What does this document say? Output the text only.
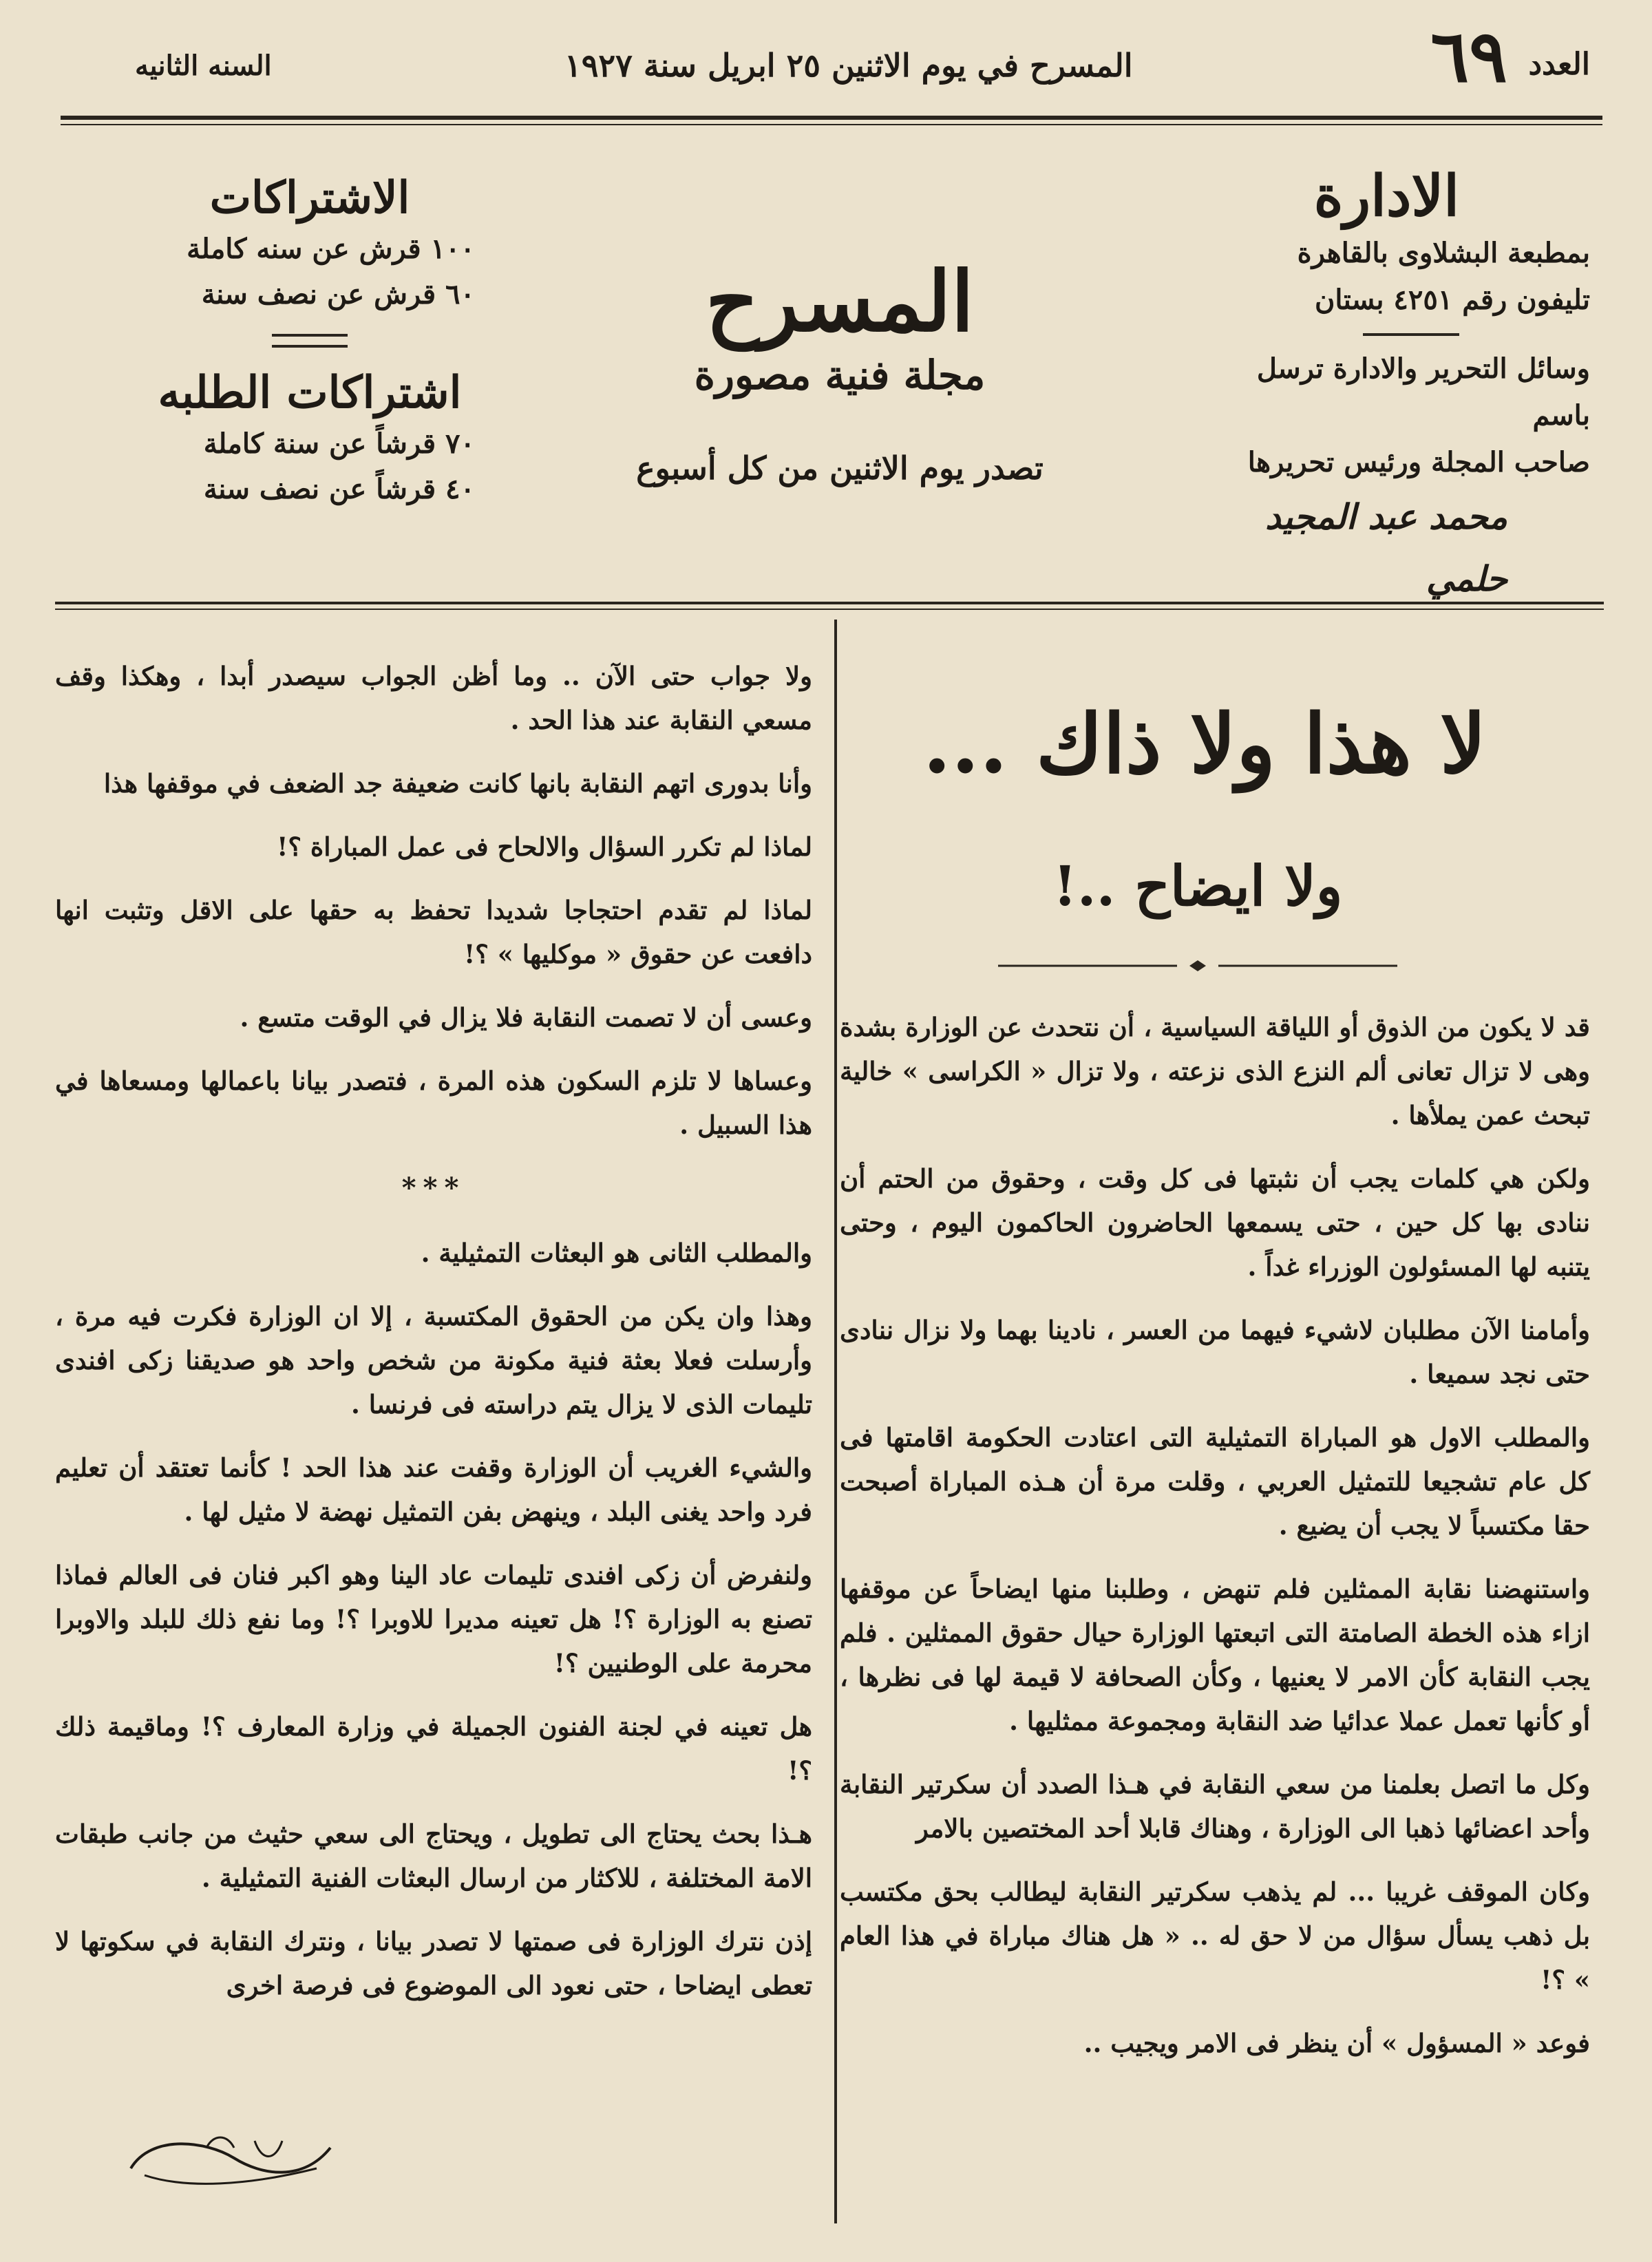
العدد
٦٩
المسرح في يوم الاثنين ٢٥ ابريل سنة ١٩٢٧
السنه الثانيه
الادارة
بمطبعة البشلاوى بالقاهرة
تليفون رقم ٤٢٥١ بستان
وسائل التحرير والادارة ترسل باسم
صاحب المجلة ورئيس تحريرها
محمد عبد المجيد حلمي
المسرح
مجلة فنية مصورة
تصدر يوم الاثنين من كل أسبوع
الاشتراكات
١٠٠ قرش عن سنه كاملة
٦٠ قرش عن نصف سنة
اشتراكات الطلبه
٧٠ قرشاً عن سنة كاملة
٤٠ قرشاً عن نصف سنة
لا هذا ولا ذاك ...
ولا ايضاح ..!

قد لا يكون من الذوق أو اللياقة السياسية ، أن نتحدث عن الوزارة بشدة وهى لا تزال تعانى ألم النزع الذى نزعته ، ولا تزال « الكراسى » خالية تبحث عمن يملأها .

ولكن هي كلمات يجب أن نثبتها فى كل وقت ، وحقوق من الحتم أن ننادى بها كل حين ، حتى يسمعها الحاضرون الحاكمون اليوم ، وحتى يتنبه لها المسئولون الوزراء غداً .

وأمامنا الآن مطلبان لاشيء فيهما من العسر ، نادينا بهما ولا نزال ننادى حتى نجد سميعا .

والمطلب الاول هو المباراة التمثيلية التى اعتادت الحكومة اقامتها فى كل عام تشجيعا للتمثيل العربي ، وقلت مرة أن هـذه المباراة أصبحت حقا مكتسباً لا يجب أن يضيع .

واستنهضنا نقابة الممثلين فلم تنهض ، وطلبنا منها ايضاحاً عن موقفها ازاء هذه الخطة الصامتة التى اتبعتها الوزارة حيال حقوق الممثلين . فلم يجب النقابة كأن الامر لا يعنيها ، وكأن الصحافة لا قيمة لها فى نظرها ، أو كأنها تعمل عملا عدائيا ضد النقابة ومجموعة ممثليها .

وكل ما اتصل بعلمنا من سعي النقابة في هـذا الصدد أن سكرتير النقابة وأحد اعضائها ذهبا الى الوزارة ، وهناك قابلا أحد المختصين بالامر

وكان الموقف غريبا ... لم يذهب سكرتير النقابة ليطالب بحق مكتسب بل ذهب يسأل سؤال من لا حق له .. « هل هناك مباراة في هذا العام » ؟!

فوعد « المسؤول » أن ينظر فى الامر ويجيب ..

ولا جواب حتى الآن .. وما أظن الجواب سيصدر أبدا ، وهكذا وقف مسعي النقابة عند هذا الحد .

وأنا بدورى اتهم النقابة بانها كانت ضعيفة جد الضعف في موقفها هذا

لماذا لم تكرر السؤال والالحاح فى عمل المباراة ؟!

لماذا لم تقدم احتجاجا شديدا تحفظ به حقها على الاقل وتثبت انها دافعت عن حقوق « موكليها » ؟!

وعسى أن لا تصمت النقابة فلا يزال في الوقت متسع .

وعساها لا تلزم السكون هذه المرة ، فتصدر بيانا باعمالها ومسعاها في هذا السبيل .

***

والمطلب الثانى هو البعثات التمثيلية .

وهذا وان يكن من الحقوق المكتسبة ، إلا ان الوزارة فكرت فيه مرة ، وأرسلت فعلا بعثة فنية مكونة من شخص واحد هو صديقنا زكى افندى تليمات الذى لا يزال يتم دراسته فى فرنسا .

والشيء الغريب أن الوزارة وقفت عند هذا الحد ! كأنما تعتقد أن تعليم فرد واحد يغنى البلد ، وينهض بفن التمثيل نهضة لا مثيل لها .

ولنفرض أن زكى افندى تليمات عاد الينا وهو اكبر فنان فى العالم فماذا تصنع به الوزارة ؟! هل تعينه مديرا للاوبرا ؟! وما نفع ذلك للبلد والاوبرا محرمة على الوطنيين ؟!

هل تعينه في لجنة الفنون الجميلة في وزارة المعارف ؟! وماقيمة ذلك ؟!

هـذا بحث يحتاج الى تطويل ، ويحتاج الى سعي حثيث من جانب طبقات الامة المختلفة ، للاكثار من ارسال البعثات الفنية التمثيلية .

إذن نترك الوزارة فى صمتها لا تصدر بيانا ، ونترك النقابة في سكوتها لا تعطى ايضاحا ، حتى نعود الى الموضوع فى فرصة اخرى
